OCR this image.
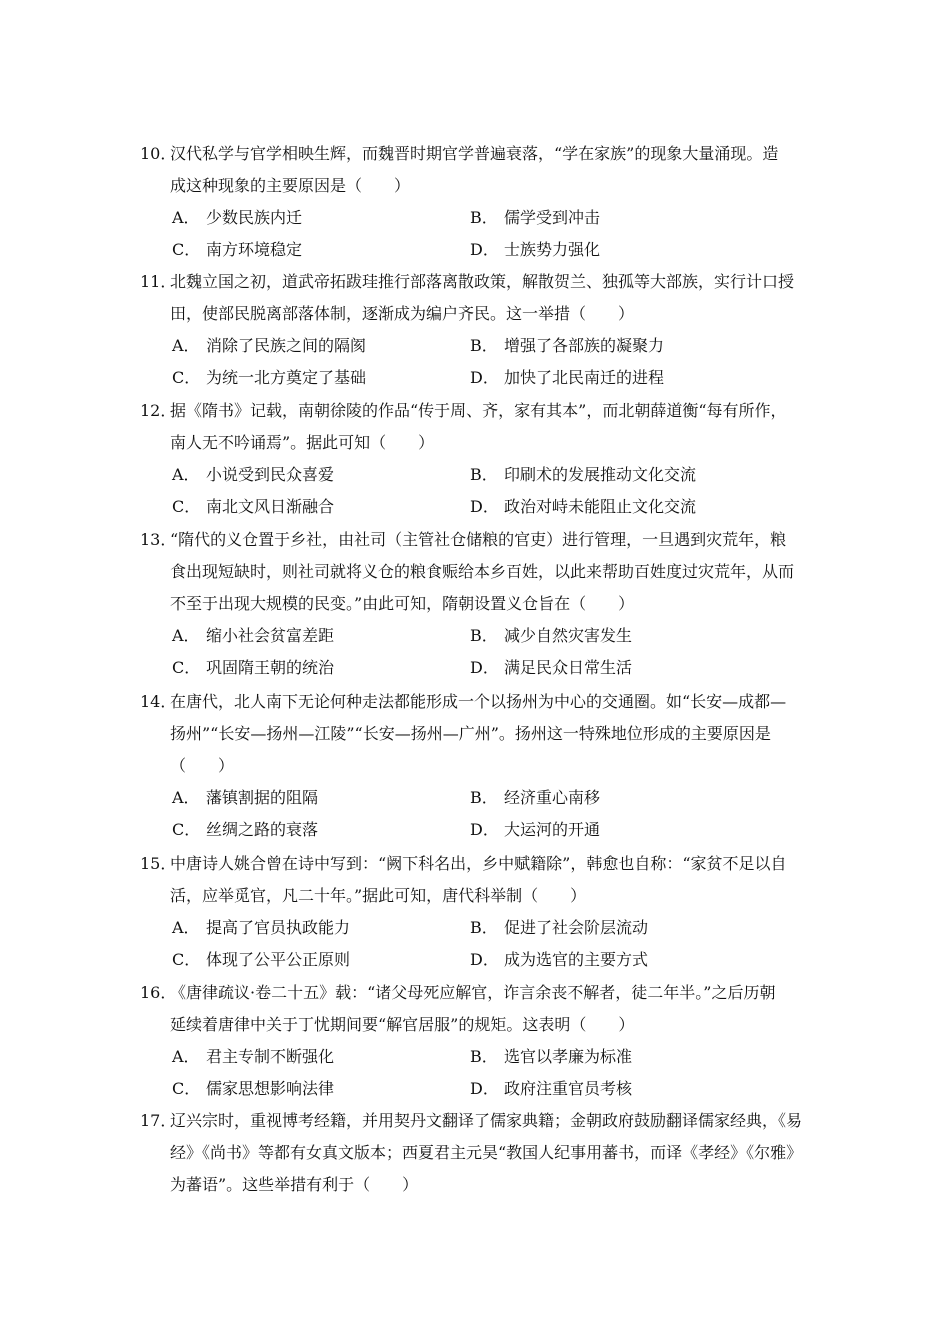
10．汉代私学与官学相映生辉，而魏晋时期官学普遍衰落，“学在家族”的现象大量涌现。造
成这种现象的主要原因是（　　）
A． 少数民族内迁	B． 儒学受到冲击
C． 南方环境稳定	D． 士族势力强化
11．北魏立国之初，道武帝拓跋珪推行部落离散政策，解散贺兰、独孤等大部族，实行计口授
田，使部民脱离部落体制，逐渐成为编户齐民。这一举措（　　）
A． 消除了民族之间的隔阂	B． 增强了各部族的凝聚力
C． 为统一北方奠定了基础	D． 加快了北民南迁的进程
12．据《隋书》记载，南朝徐陵的作品“传于周、齐，家有其本”，而北朝薛道衡“每有所作，
南人无不吟诵焉”。据此可知（　　）
A． 小说受到民众喜爱	B． 印刷术的发展推动文化交流
C． 南北文风日渐融合	D． 政治对峙未能阻止文化交流
13．“隋代的义仓置于乡社，由社司（主管社仓储粮的官吏）进行管理，一旦遇到灾荒年，粮
食出现短缺时，则社司就将义仓的粮食赈给本乡百姓，以此来帮助百姓度过灾荒年，从而
不至于出现大规模的民变。”由此可知，隋朝设置义仓旨在（　　）
A． 缩小社会贫富差距	B． 减少自然灾害发生
C． 巩固隋王朝的统治	D． 满足民众日常生活
14．在唐代，北人南下无论何种走法都能形成一个以扬州为中心的交通圈。如“长安—成都—
扬州”“长安—扬州—江陵”“长安—扬州—广州”。扬州这一特殊地位形成的主要原因是
（　　）
A． 藩镇割据的阻隔	B． 经济重心南移
C． 丝绸之路的衰落	D． 大运河的开通
15．中唐诗人姚合曾在诗中写到：“阙下科名出，乡中赋籍除”，韩愈也自称：“家贫不足以自
活，应举觅官，凡二十年。”据此可知，唐代科举制（　　）
A． 提高了官员执政能力	B． 促进了社会阶层流动
C． 体现了公平公正原则	D． 成为选官的主要方式
16．《唐律疏议·卷二十五》载：“诸父母死应解官，诈言余丧不解者，徒二年半。”之后历朝
延续着唐律中关于丁忧期间要“解官居服”的规矩。这表明（　　）
A． 君主专制不断强化	B． 选官以孝廉为标准
C． 儒家思想影响法律	D． 政府注重官员考核
17．辽兴宗时，重视博考经籍，并用契丹文翻译了儒家典籍；金朝政府鼓励翻译儒家经典，《易
经》《尚书》等都有女真文版本；西夏君主元昊“教国人纪事用蕃书，而译《孝经》《尔雅》
为蕃语”。这些举措有利于（　　）
